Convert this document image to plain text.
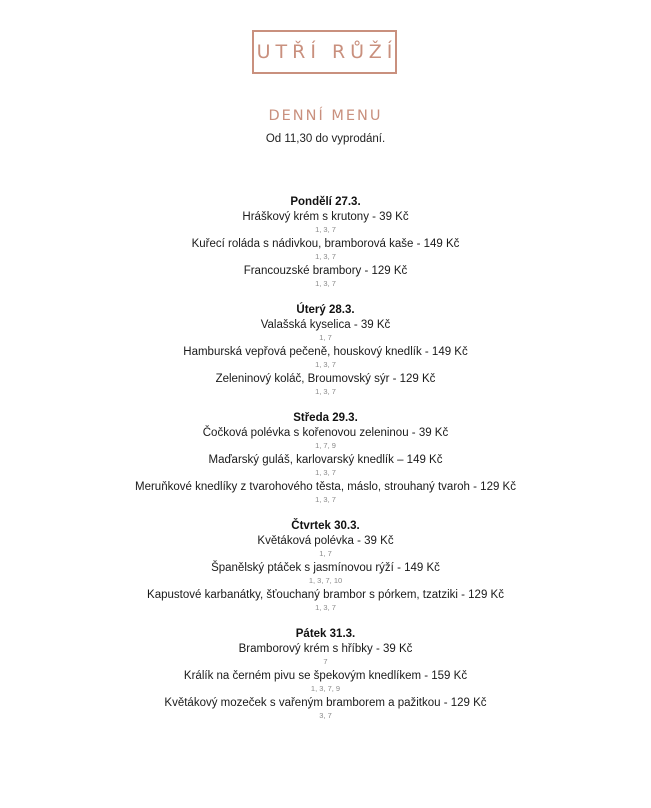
UTŘÍ RŮŽÍ
DENNÍ MENU
Od 11,30 do vyprodání.
Pondělí 27.3.
Hráškový krém s krutony - 39 Kč
1, 3, 7
Kuřecí roláda s nádivkou, bramborová kaše - 149 Kč
1, 3, 7
Francouzské brambory - 129 Kč
1, 3, 7
Úterý 28.3.
Valašská kyselica - 39 Kč
1, 7
Hamburská vepřová pečeně, houskový knedlík - 149 Kč
1, 3, 7
Zeleninový koláč, Broumovský sýr - 129 Kč
1, 3, 7
Středa 29.3.
Čočková polévka s kořenovou zeleninou - 39 Kč
1, 7, 9
Maďarský guláš, karlovarský knedlík – 149 Kč
1, 3, 7
Meruňkové knedlíky z tvarohového těsta, máslo, strouhaný tvaroh - 129 Kč
1, 3, 7
Čtvrtek 30.3.
Květáková polévka - 39 Kč
1, 7
Španělský ptáček s jasmínovou rýží - 149 Kč
1, 3, 7, 10
Kapustové karbanátky, šťouchaný brambor s pórkem, tzatziki - 129 Kč
1, 3, 7
Pátek 31.3.
Bramborový krém s hříbky - 39 Kč
7
Králík na černém pivu se špekovým knedlíkem - 159 Kč
1, 3, 7, 9
Květákový mozeček s vařeným bramborem a pažitkou - 129 Kč
3, 7
